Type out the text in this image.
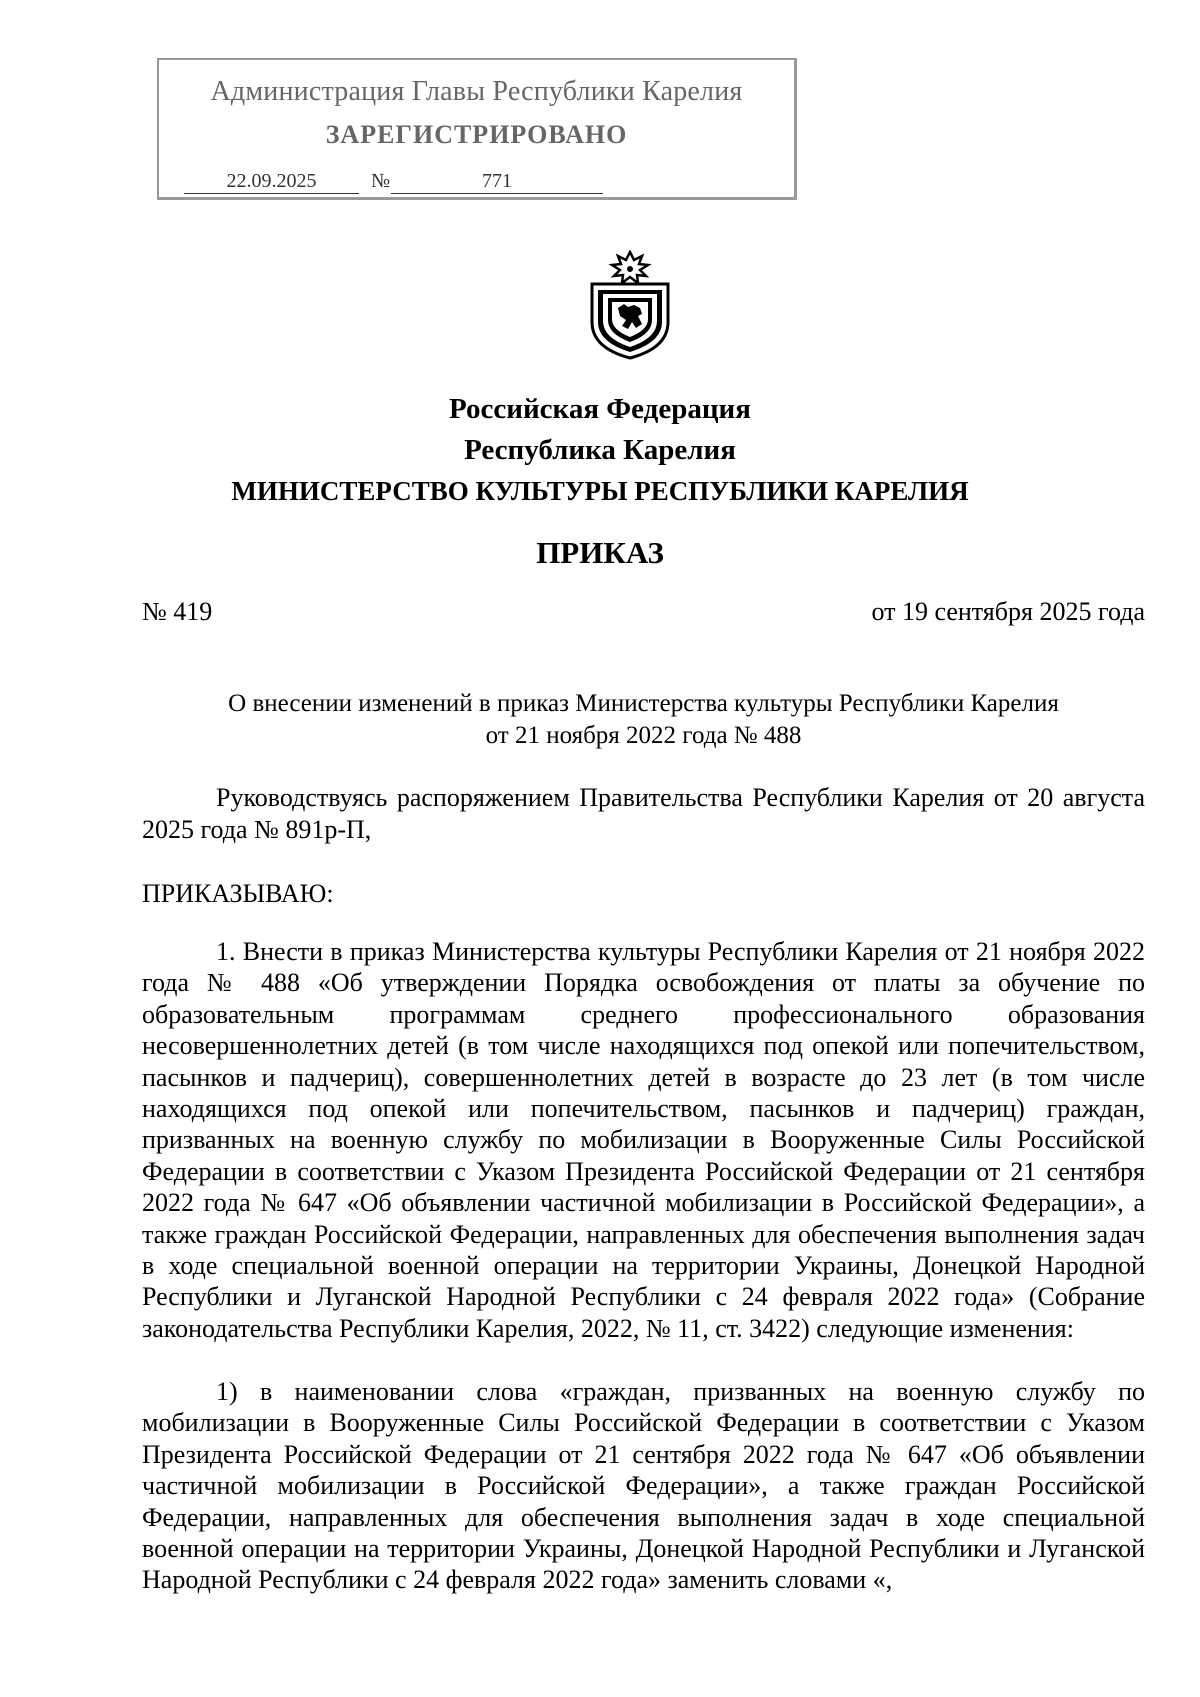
Администрация Главы Республики Карелия
ЗАРЕГИСТРИРОВАНО
22.09.2025	№	771
Российская Федерация
Республика Карелия
МИНИСТЕРСТВО КУЛЬТУРЫ РЕСПУБЛИКИ КАРЕЛИЯ
ПРИКАЗ
№ 419	от 19 сентября 2025 года
О внесении изменений в приказ Министерства культуры Республики Карелия
от 21 ноября 2022 года № 488
Руководствуясь распоряжением Правительства Республики Карелия от 20 августа 2025 года № 891р-П,
ПРИКАЗЫВАЮ:
1. Внести в приказ Министерства культуры Республики Карелия от 21 ноября 2022 года № 488 «Об утверждении Порядка освобождения от платы за обучение по образовательным программам среднего профессионального образования несовершеннолетних детей (в том числе находящихся под опекой или попечительством, пасынков и падчериц), совершеннолетних детей в возрасте до 23 лет (в том числе находящихся под опекой или попечительством, пасынков и падчериц) граждан, призванных на военную службу по мобилизации в Вооруженные Силы Российской Федерации в соответствии с Указом Президента Российской Федерации от 21 сентября 2022 года № 647 «Об объявлении частичной мобилизации в Российской Федерации», а также граждан Российской Федерации, направленных для обеспечения выполнения задач в ходе специальной военной операции на территории Украины, Донецкой Народной Республики и Луганской Народной Республики с 24 февраля 2022 года» (Собрание законодательства Республики Карелия, 2022, № 11, ст. 3422) следующие изменения:
1) в наименовании слова «граждан, призванных на военную службу по мобилизации в Вооруженные Силы Российской Федерации в соответствии с Указом Президента Российской Федерации от 21 сентября 2022 года № 647 «Об объявлении частичной мобилизации в Российской Федерации», а также граждан Российской Федерации, направленных для обеспечения выполнения задач в ходе специальной военной операции на территории Украины, Донецкой Народной Республики и Луганской Народной Республики с 24 февраля 2022 года» заменить словами «,
